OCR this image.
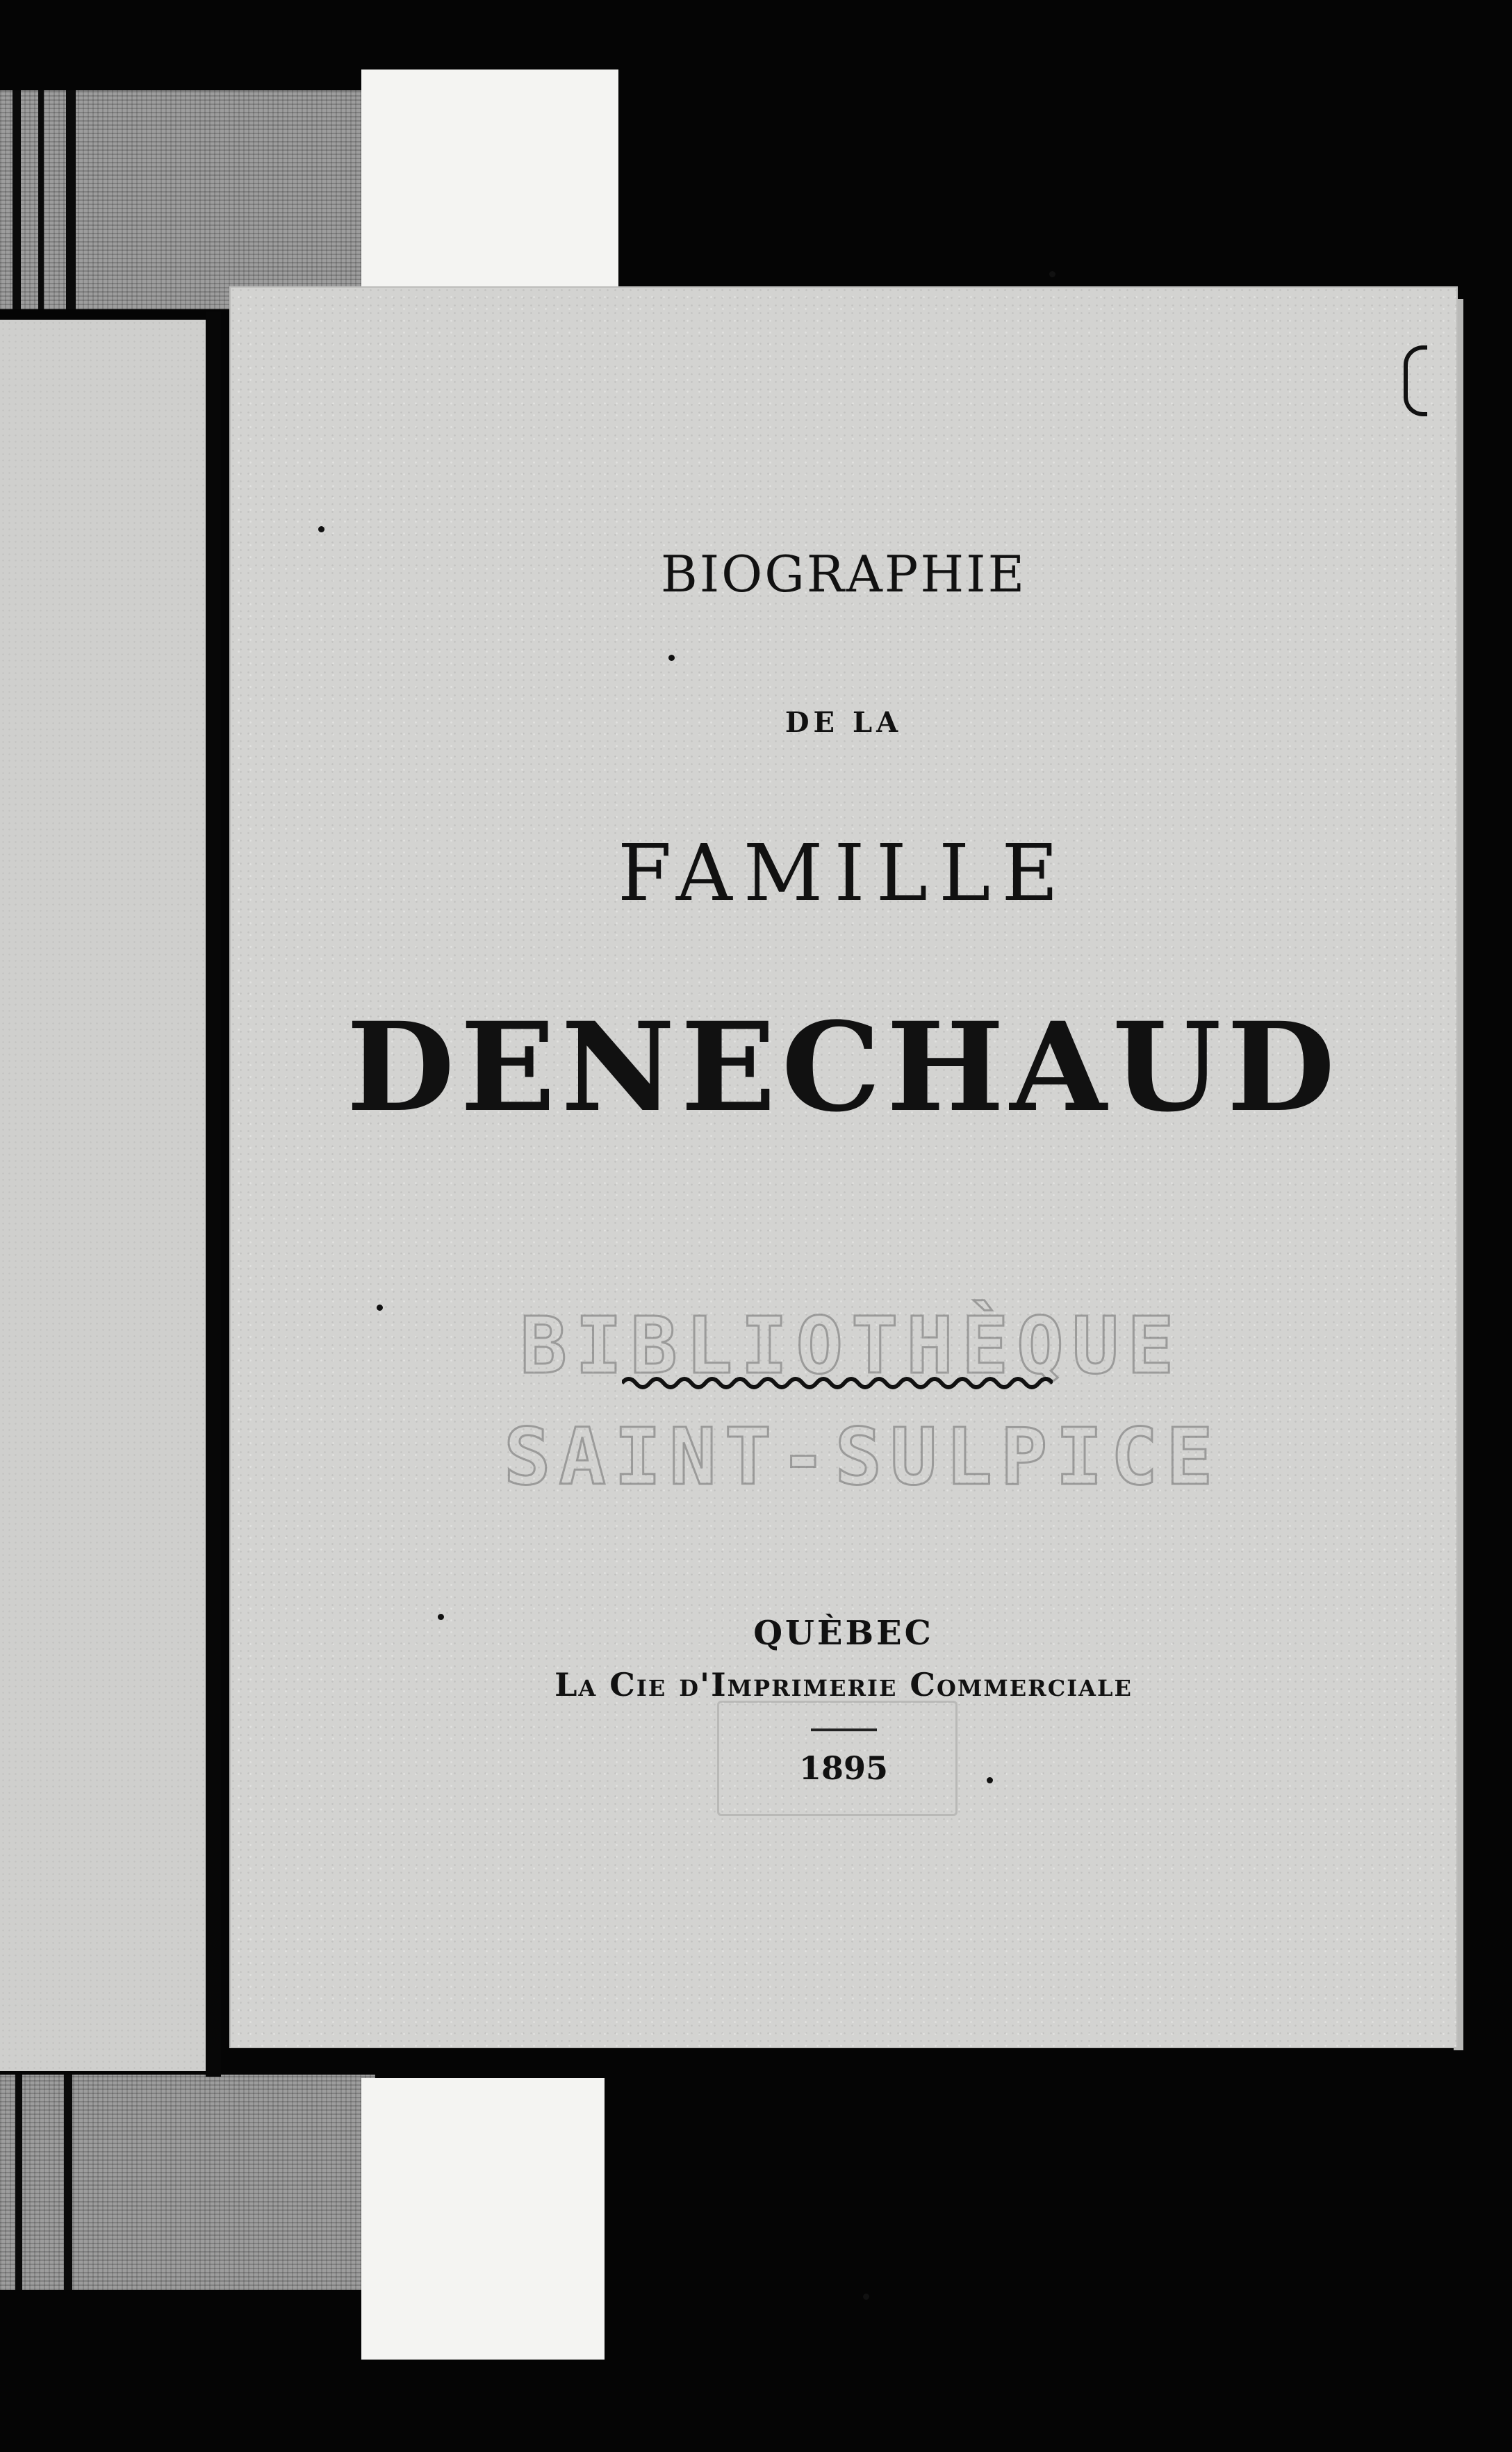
BIOGRAPHIE
DE LA
FAMILLE
DENECHAUD
BIBLIOTHÈQUE
SAINT-SULPICE
QUÈBEC
La Cie d'Imprimerie Commerciale
1895
